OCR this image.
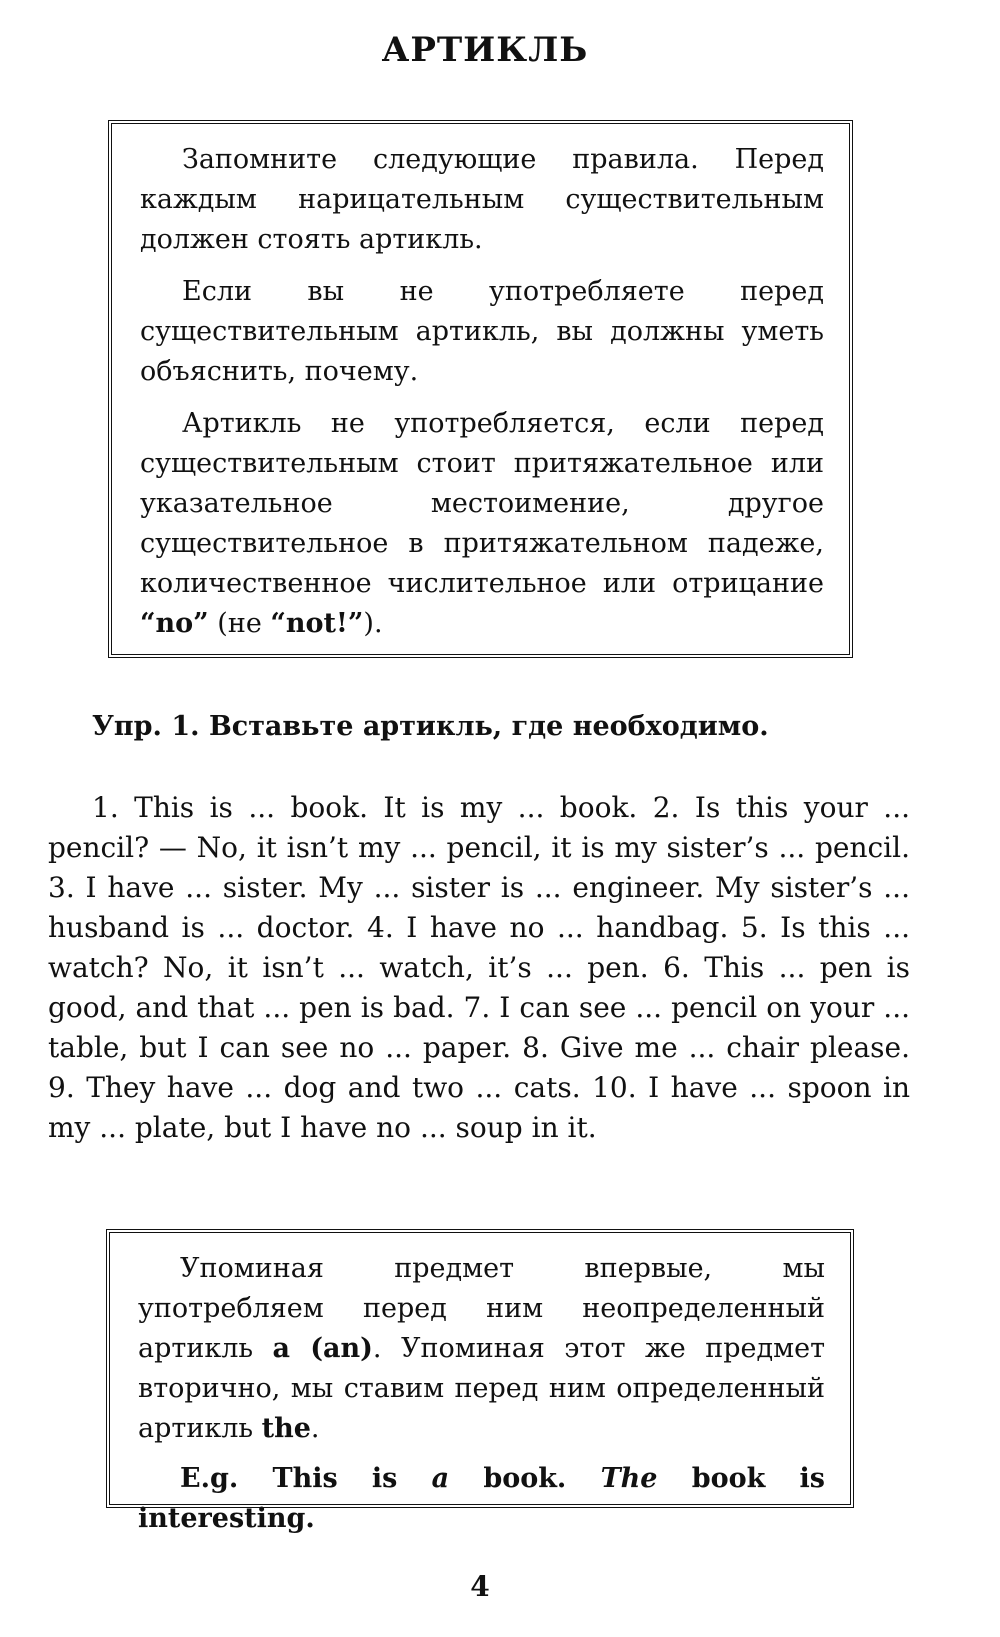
АРТИКЛЬ

Запомните следующие правила. Перед каждым нарицательным существительным должен стоять артикль.

Если вы не употребляете перед существительным артикль, вы должны уметь объяснить, почему.

Артикль не употребляется, если перед существительным стоит притяжательное или указательное местоимение, другое существительное в притяжательном падеже, количественное числительное или отрицание “no” (не “not!”).

Упр. 1. Вставьте артикль, где необходимо.

1. This is ... book. It is my ... book. 2. Is this your ... pencil? — No, it isn’t my ... pencil, it is my sister’s ... pencil. 3. I have ... sister. My ... sister is ... engineer. My sister’s ... husband is ... doctor. 4. I have no ... handbag. 5. Is this ... watch? No, it isn’t ... watch, it’s ... pen. 6. This ... pen is good, and that ... pen is bad. 7. I can see ... pencil on your ... table, but I can see no ... paper. 8. Give me ... chair please. 9. They have ... dog and two ... cats. 10. I have ... spoon in my ... plate, but I have no ... soup in it.

Упоминая предмет впервые, мы употребляем перед ним неопределенный артикль a (an). Упоминая этот же предмет вторично, мы ставим перед ним определенный артикль the.

E.g. This is a book. The book is interesting.

4
